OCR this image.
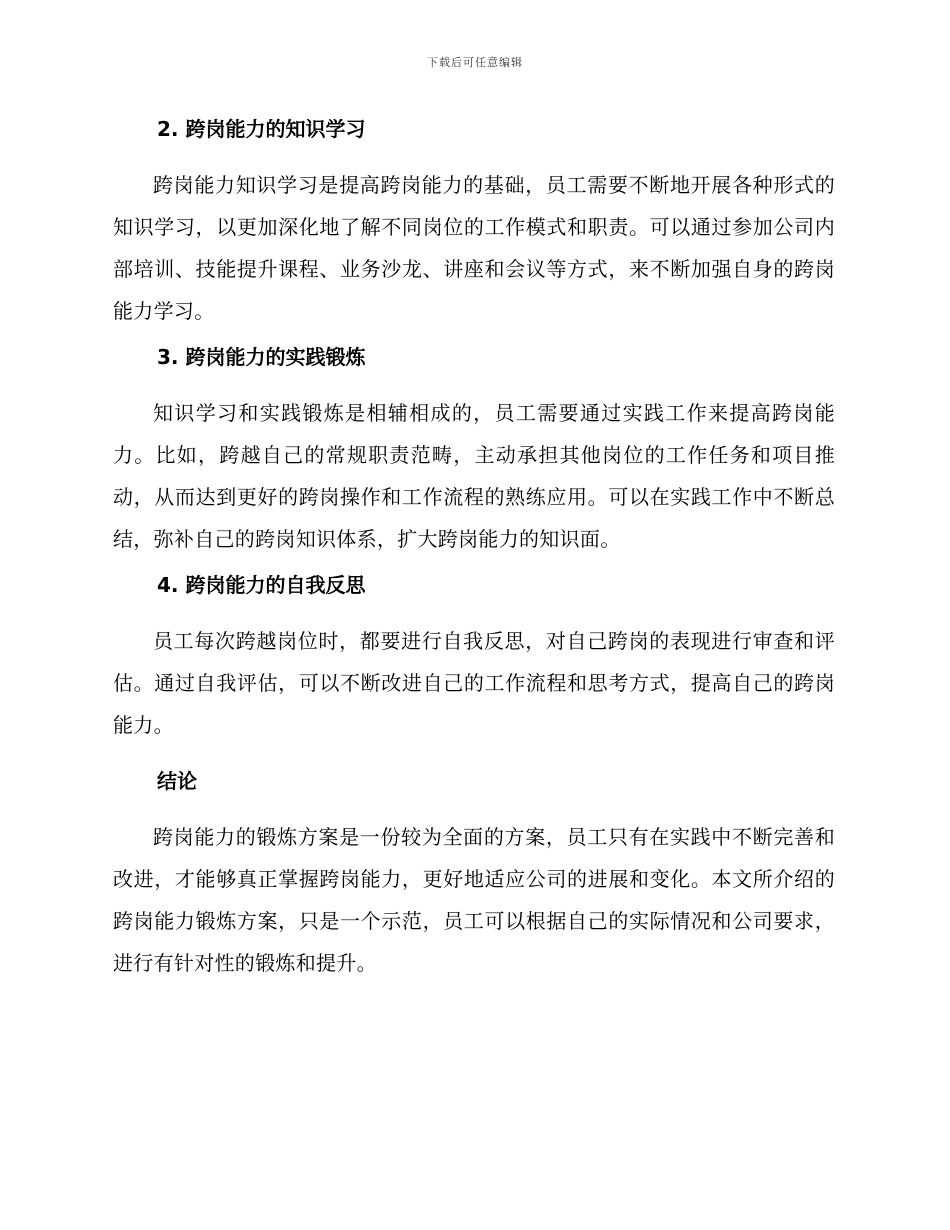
下载后可任意编辑
2. 跨岗能力的知识学习

跨岗能力知识学习是提高跨岗能力的基础，员工需要不断地开展各种形式的知识学习，以更加深化地了解不同岗位的工作模式和职责。可以通过参加公司内部培训、技能提升课程、业务沙龙、讲座和会议等方式，来不断加强自身的跨岗能力学习。

3. 跨岗能力的实践锻炼

知识学习和实践锻炼是相辅相成的，员工需要通过实践工作来提高跨岗能力。比如，跨越自己的常规职责范畴，主动承担其他岗位的工作任务和项目推动，从而达到更好的跨岗操作和工作流程的熟练应用。可以在实践工作中不断总结，弥补自己的跨岗知识体系，扩大跨岗能力的知识面。

4. 跨岗能力的自我反思

员工每次跨越岗位时，都要进行自我反思，对自己跨岗的表现进行审查和评估。通过自我评估，可以不断改进自己的工作流程和思考方式，提高自己的跨岗能力。

结论

跨岗能力的锻炼方案是一份较为全面的方案，员工只有在实践中不断完善和改进，才能够真正掌握跨岗能力，更好地适应公司的进展和变化。本文所介绍的跨岗能力锻炼方案，只是一个示范，员工可以根据自己的实际情况和公司要求，进行有针对性的锻炼和提升。
